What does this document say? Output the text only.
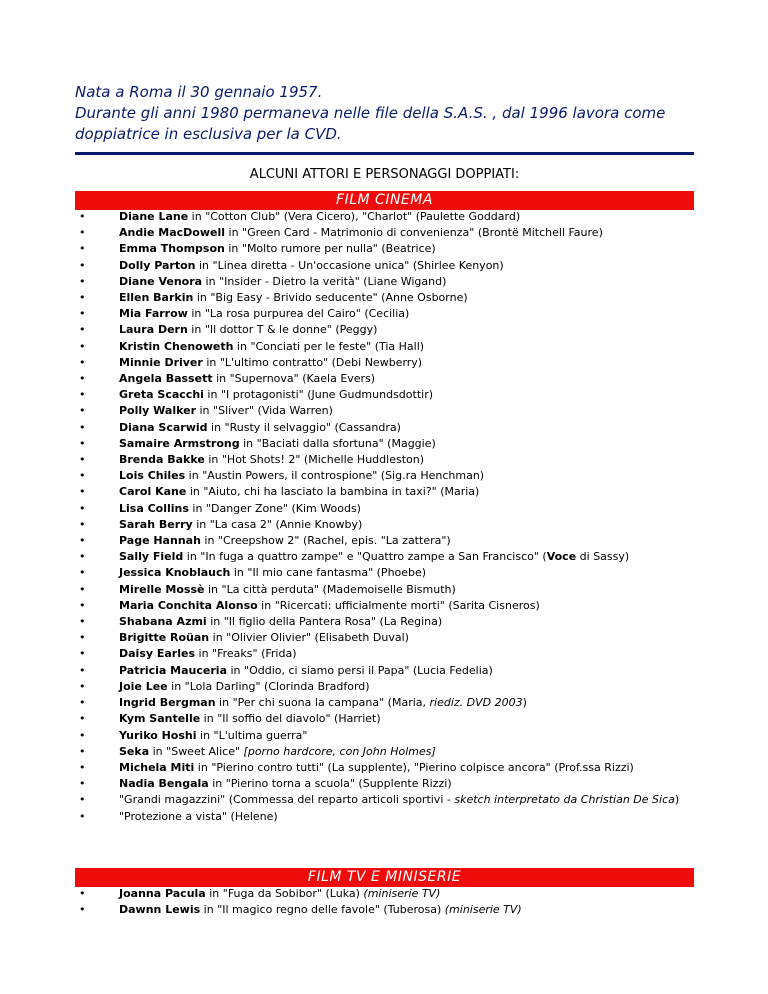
Nata a Roma il 30 gennaio 1957.
Durante gli anni 1980 permaneva nelle file della S.A.S. , dal 1996 lavora come
doppiatrice in esclusiva per la CVD.
ALCUNI ATTORI E PERSONAGGI DOPPIATI:
FILM CINEMA
•	Diane Lane in "Cotton Club" (Vera Cicero), "Charlot" (Paulette Goddard)
•	Andie MacDowell in "Green Card - Matrimonio di convenienza" (Brontë Mitchell Faure)
•	Emma Thompson in "Molto rumore per nulla" (Beatrice)
•	Dolly Parton in "Linea diretta - Un'occasione unica" (Shirlee Kenyon)
•	Diane Venora in "Insider - Dietro la verità" (Liane Wigand)
•	Ellen Barkin in "Big Easy - Brivido seducente" (Anne Osborne)
•	Mia Farrow in "La rosa purpurea del Cairo" (Cecilia)
•	Laura Dern in "Il dottor T & le donne" (Peggy)
•	Kristin Chenoweth in "Conciati per le feste" (Tia Hall)
•	Minnie Driver in "L'ultimo contratto" (Debi Newberry)
•	Angela Bassett in "Supernova" (Kaela Evers)
•	Greta Scacchi in "I protagonisti" (June Gudmundsdottir)
•	Polly Walker in "Sliver" (Vida Warren)
•	Diana Scarwid in "Rusty il selvaggio" (Cassandra)
•	Samaire Armstrong in "Baciati dalla sfortuna" (Maggie)
•	Brenda Bakke in "Hot Shots! 2" (Michelle Huddleston)
•	Lois Chiles in "Austin Powers, il controspione" (Sig.ra Henchman)
•	Carol Kane in "Aiuto, chi ha lasciato la bambina in taxi?" (Maria)
•	Lisa Collins in "Danger Zone" (Kim Woods)
•	Sarah Berry in "La casa 2" (Annie Knowby)
•	Page Hannah in "Creepshow 2" (Rachel, epis. "La zattera")
•	Sally Field in "In fuga a quattro zampe" e "Quattro zampe a San Francisco" (Voce di Sassy)
•	Jessica Knoblauch in "Il mio cane fantasma" (Phoebe)
•	Mirelle Mossè in "La città perduta" (Mademoiselle Bismuth)
•	Maria Conchita Alonso in "Ricercati: ufficialmente morti" (Sarita Cisneros)
•	Shabana Azmi in "Il figlio della Pantera Rosa" (La Regina)
•	Brigitte Roüan in "Olivier Olivier" (Elisabeth Duval)
•	Daisy Earles in "Freaks" (Frida)
•	Patricia Mauceria in "Oddio, ci siamo persi il Papa" (Lucia Fedelia)
•	Joie Lee in "Lola Darling" (Clorinda Bradford)
•	Ingrid Bergman in "Per chi suona la campana" (Maria, riediz. DVD 2003)
•	Kym Santelle in "Il soffio del diavolo" (Harriet)
•	Yuriko Hoshi in "L'ultima guerra"
•	Seka in "Sweet Alice" [porno hardcore, con John Holmes]
•	Michela Miti in "Pierino contro tutti" (La supplente), "Pierino colpisce ancora" (Prof.ssa Rizzi)
•	Nadia Bengala in "Pierino torna a scuola" (Supplente Rizzi)
•	"Grandi magazzini" (Commessa del reparto articoli sportivi - sketch interpretato da Christian De Sica)
•	"Protezione a vista" (Helene)
FILM TV E MINISERIE
•	Joanna Pacula in "Fuga da Sobibor" (Luka) (miniserie TV)
•	Dawnn Lewis in "Il magico regno delle favole" (Tuberosa) (miniserie TV)
